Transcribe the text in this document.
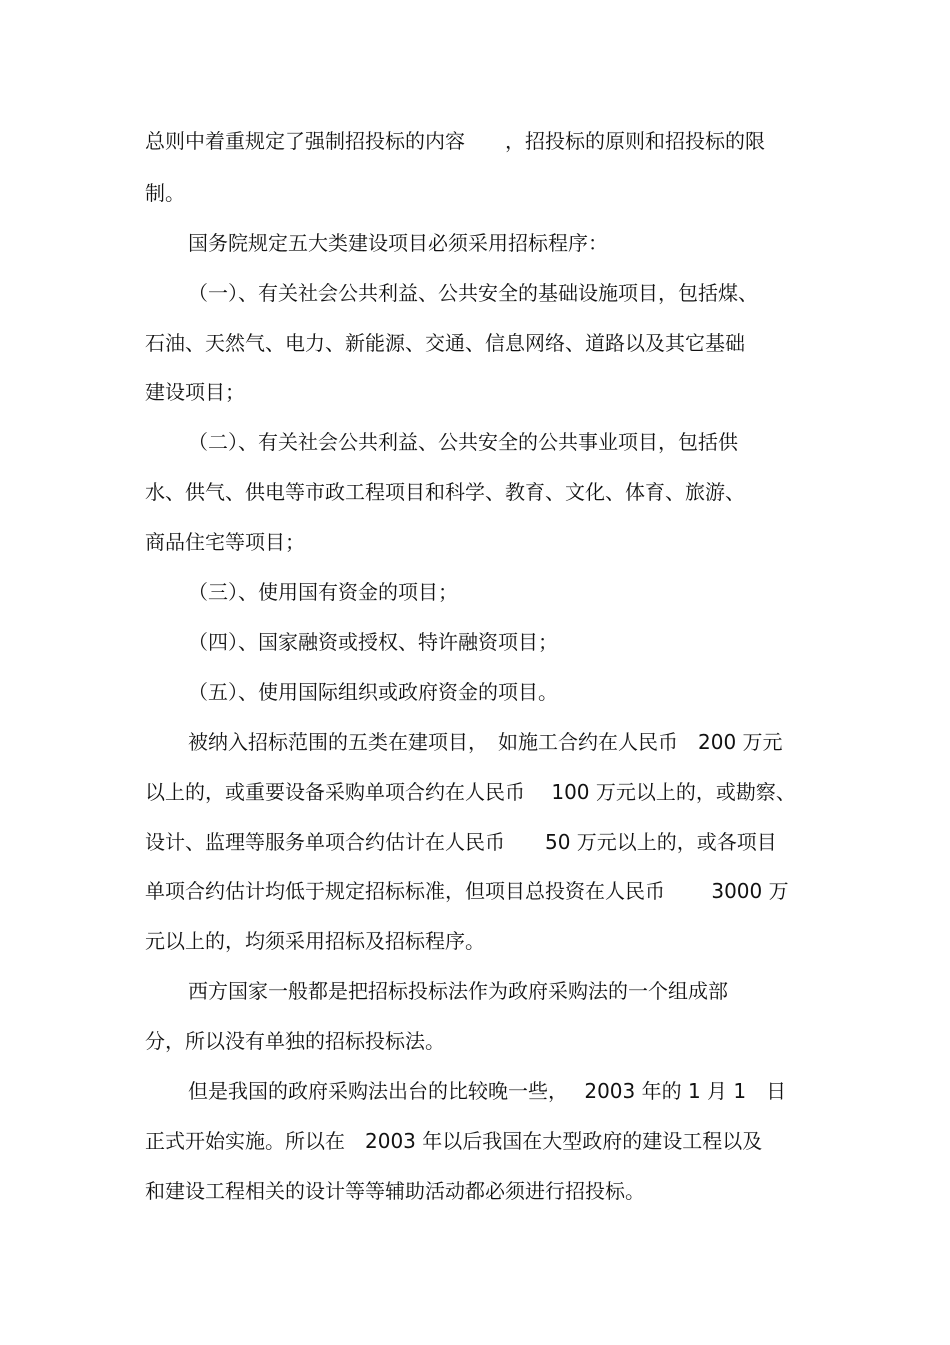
总则中着重规定了强制招投标的内容　　，招投标的原则和招投标的限
制。
国务院规定五大类建设项目必须采用招标程序：
（一）、有关社会公共利益、公共安全的基础设施项目，包括煤、
石油、天然气、电力、新能源、交通、信息网络、道路以及其它基础
建设项目；
（二）、有关社会公共利益、公共安全的公共事业项目，包括供
水、供气、供电等市政工程项目和科学、教育、文化、体育、旅游、
商品住宅等项目；
（三）、使用国有资金的项目；
（四）、国家融资或授权、特许融资项目；
（五）、使用国际组织或政府资金的项目。
被纳入招标范围的五类在建项目，　如施工合约在人民币　200 万元
以上的，或重要设备采购单项合约在人民币　 100 万元以上的，或勘察、
设计、监理等服务单项合约估计在人民币　　50 万元以上的，或各项目
单项合约估计均低于规定招标标准，但项目总投资在人民币　　 3000 万
元以上的，均须采用招标及招标程序。
西方国家一般都是把招标投标法作为政府采购法的一个组成部
分，所以没有单独的招标投标法。
但是我国的政府采购法出台的比较晚一些，　 2003 年的 1 月 1　日
正式开始实施。所以在　2003 年以后我国在大型政府的建设工程以及
和建设工程相关的设计等等辅助活动都必须进行招投标。
